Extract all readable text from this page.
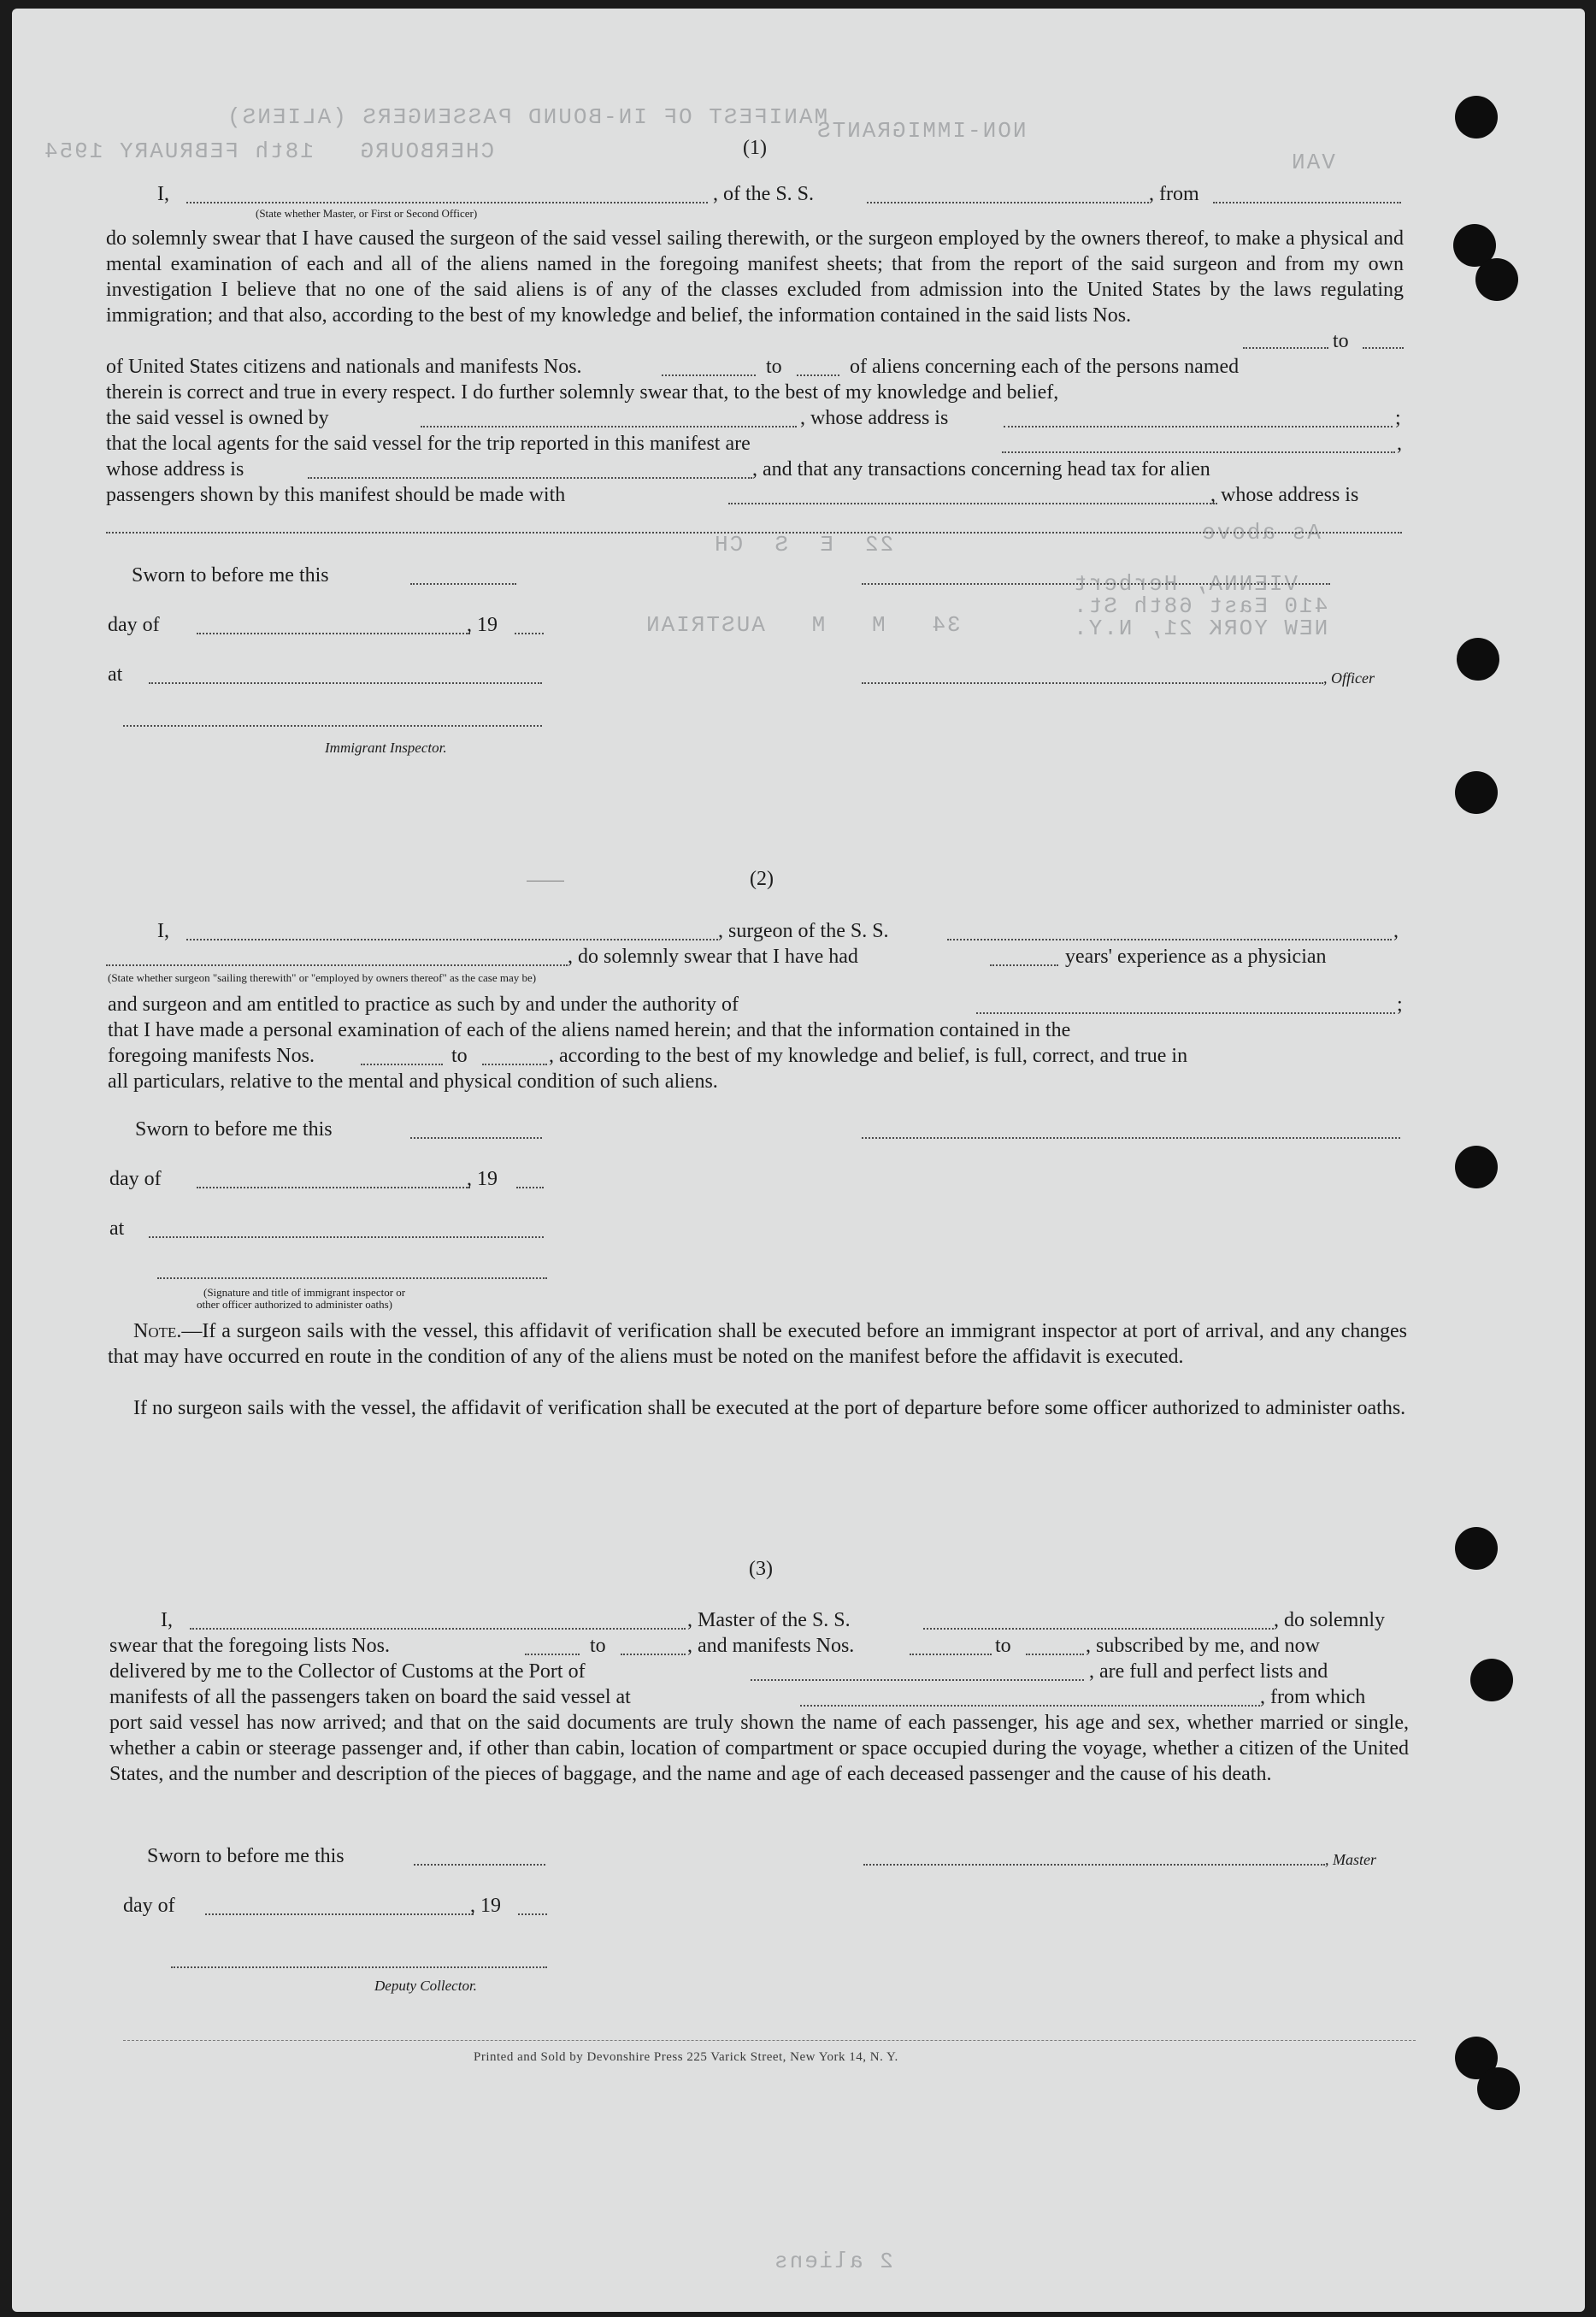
MANIFEST OF IN-BOUND PASSENGERS (ALIENS)
NON-IMMIGRANTS
CHERBOURG   18th FEBRUARY 1954	VAN
22  E  S  CH
VIENNA, Herbert
410 East 68th St.
NEW YORK 21, N.Y.
34   M   M   AUSTRIAN
As above
2 aliens
(1)
I,
(State whether Master, or First or Second Officer)
, of the S. S.	, from
do solemnly swear that I have caused the surgeon of the said vessel sailing therewith, or the surgeon employed by the owners thereof, to make a physical and mental examination of each and all of the aliens named in the foregoing manifest sheets; that from the report of the said surgeon and from my own investigation I believe that no one of the said aliens is of any of the classes excluded from admission into the United States by the laws regulating immigration; and that also, according to the best of my knowledge and belief, the information contained in the said lists Nos.
to
of United States citizens and nationals and manifests Nos.	to	of aliens concerning each of the persons named
therein is correct and true in every respect. I do further solemnly swear that, to the best of my knowledge and belief,
the said vessel is owned by	, whose address is	;
that the local agents for the said vessel for the trip reported in this manifest are	,
whose address is	, and that any transactions concerning head tax for alien
passengers shown by this manifest should be made with	, whose address is
Sworn to before me this
day of	, 19
at	, Officer
Immigrant Inspector.
(2)
I,	, surgeon of the S. S.	,
, do solemnly swear that I have had	years' experience as a physician
(State whether surgeon "sailing therewith" or "employed by owners thereof" as the case may be)
and surgeon and am entitled to practice as such by and under the authority of	;
that I have made a personal examination of each of the aliens named herein; and that the information contained in the
foregoing manifests Nos.	to	, according to the best of my knowledge and belief, is full, correct, and true in
all particulars, relative to the mental and physical condition of such aliens.
Sworn to before me this
day of	, 19
at
(Signature and title of immigrant inspector or
other officer authorized to administer oaths)
Note.—If a surgeon sails with the vessel, this affidavit of verification shall be executed before an immigrant inspector at port of arrival, and any changes that may have occurred en route in the condition of any of the aliens must be noted on the manifest before the affidavit is executed.
If no surgeon sails with the vessel, the affidavit of verification shall be executed at the port of departure before some officer authorized to administer oaths.
(3)
I,	, Master of the S. S.	, do solemnly
swear that the foregoing lists Nos.	to	, and manifests Nos.	to	, subscribed by me, and now
delivered by me to the Collector of Customs at the Port of	, are full and perfect lists and
manifests of all the passengers taken on board the said vessel at	, from which
port said vessel has now arrived; and that on the said documents are truly shown the name of each passenger, his age and sex, whether married or single, whether a cabin or steerage passenger and, if other than cabin, location of compartment or space occupied during the voyage, whether a citizen of the United States, and the number and description of the pieces of baggage, and the name and age of each deceased passenger and the cause of his death.
Sworn to before me this	, Master
day of	, 19
Deputy Collector.
Printed and Sold by Devonshire Press 225 Varick Street, New York 14, N. Y.
